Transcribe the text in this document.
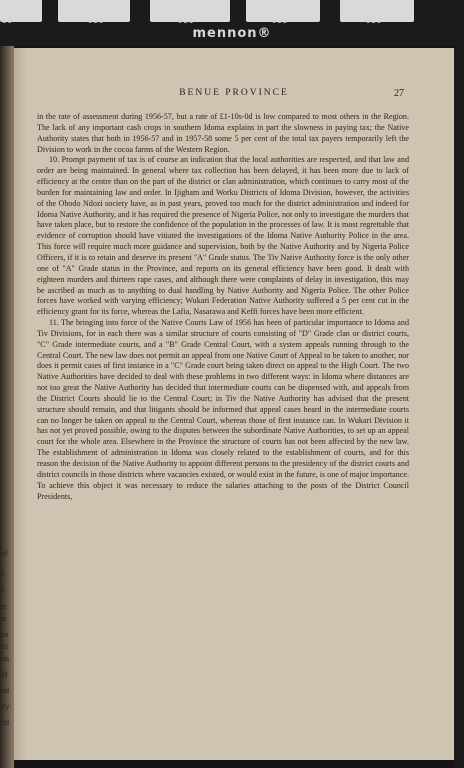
19	020	021	022	023
mennon®
of
e
e
ie
ie
en
iri
on
id
nd
ity
0d
BENUE PROVINCE	27

in the rate of assessment during 1956-57, but a rate of £1-10s-0d is low compared to most others in the Region. The lack of any important cash crops in southern Idoma explains in part the slowness in paying tax; the Native Authority states that both in 1956-57 and in 1957-58 some 5 per cent of the total tax payers temporarily left the Division to work in the cocoa farms of the Western Region.

10. Prompt payment of tax is of course an indication that the local authorities are respected, and that law and order are being maintained. In general where tax collection has been delayed, it has been more due to lack of efficiency at the centre than on the part of the district or clan administration, which continues to carry most of the burden for maintaining law and order. In Ijigbam and Worku Districts of Idoma Division, however, the activities of the Obodo Ndozi society have, as in past years, proved too much for the district administration and indeed for Idoma Native Authority, and it has required the presence of Nigeria Police, not only to investigate the murders that have taken place, but to restore the confidence of the population in the processes of law. It is most regrettable that evidence of corruption should have vitiated the investigations of the Idoma Native Authority Police in the area. This force will require much more guidance and supervision, both by the Native Authority and by Nigeria Police Officers, if it is to retain and deserve its present "A" Grade status. The Tiv Native Authority force is the only other one of "A" Grade status in the Province, and reports on its general efficiency have been good. It dealt with eighteen murders and thirteen rape cases, and although there were complaints of delay in investigation, this may be ascribed as much as to anything to dual handling by Native Authority and Nigeria Police. The other Police forces have worked with varying efficiency; Wukari Federation Native Authority suffered a 5 per cent cut in the efficiency grant for its force, whereas the Lafia, Nasarawa and Keffi forces have been more efficient.

11. The bringing into force of the Native Courts Law of 1956 has been of particular importance to Idoma and Tiv Divisions, for in each there was a similar structure of courts consisting of "D" Grade clan or district courts, "C" Grade intermediate courts, and a "B" Grade Central Court, with a system appeals running through to the Central Court. The new law does not permit an appeal from one Native Court of Appeal to be taken to another, nor does it permit cases of first instance in a "C" Grade court being taken direct on appeal to the High Court. The two Native Authorities have decided to deal with these problems in two different ways: in Idoma where distances are not too great the Native Authority has decided that intermediate courts can be dispensed with, and appeals from the District Courts should lie to the Central Court; in Tiv the Native Authority has advised that the present structure should remain, and that litigants should be informed that appeal cases heard in the intermediate courts can no longer be taken on appeal to the Central Court, whereas those of first instance can. In Wukari Division it has not yet proved possible, owing to the disputes between the subordinate Native Authorities, to set up an appeal court for the whole area. Elsewhere in the Province the structure of courts has not been affected by the new law. The establishment of administration in Idoma was closely related to the establishment of courts, and for this reason the decision of the Native Authority to appoint different persons to the presidency of the district courts and district councils in those districts where vacancies existed, or would exist in the future, is one of major importance. To achieve this object it was necessary to reduce the salaries attaching to the posts of the District Council Presidents,
